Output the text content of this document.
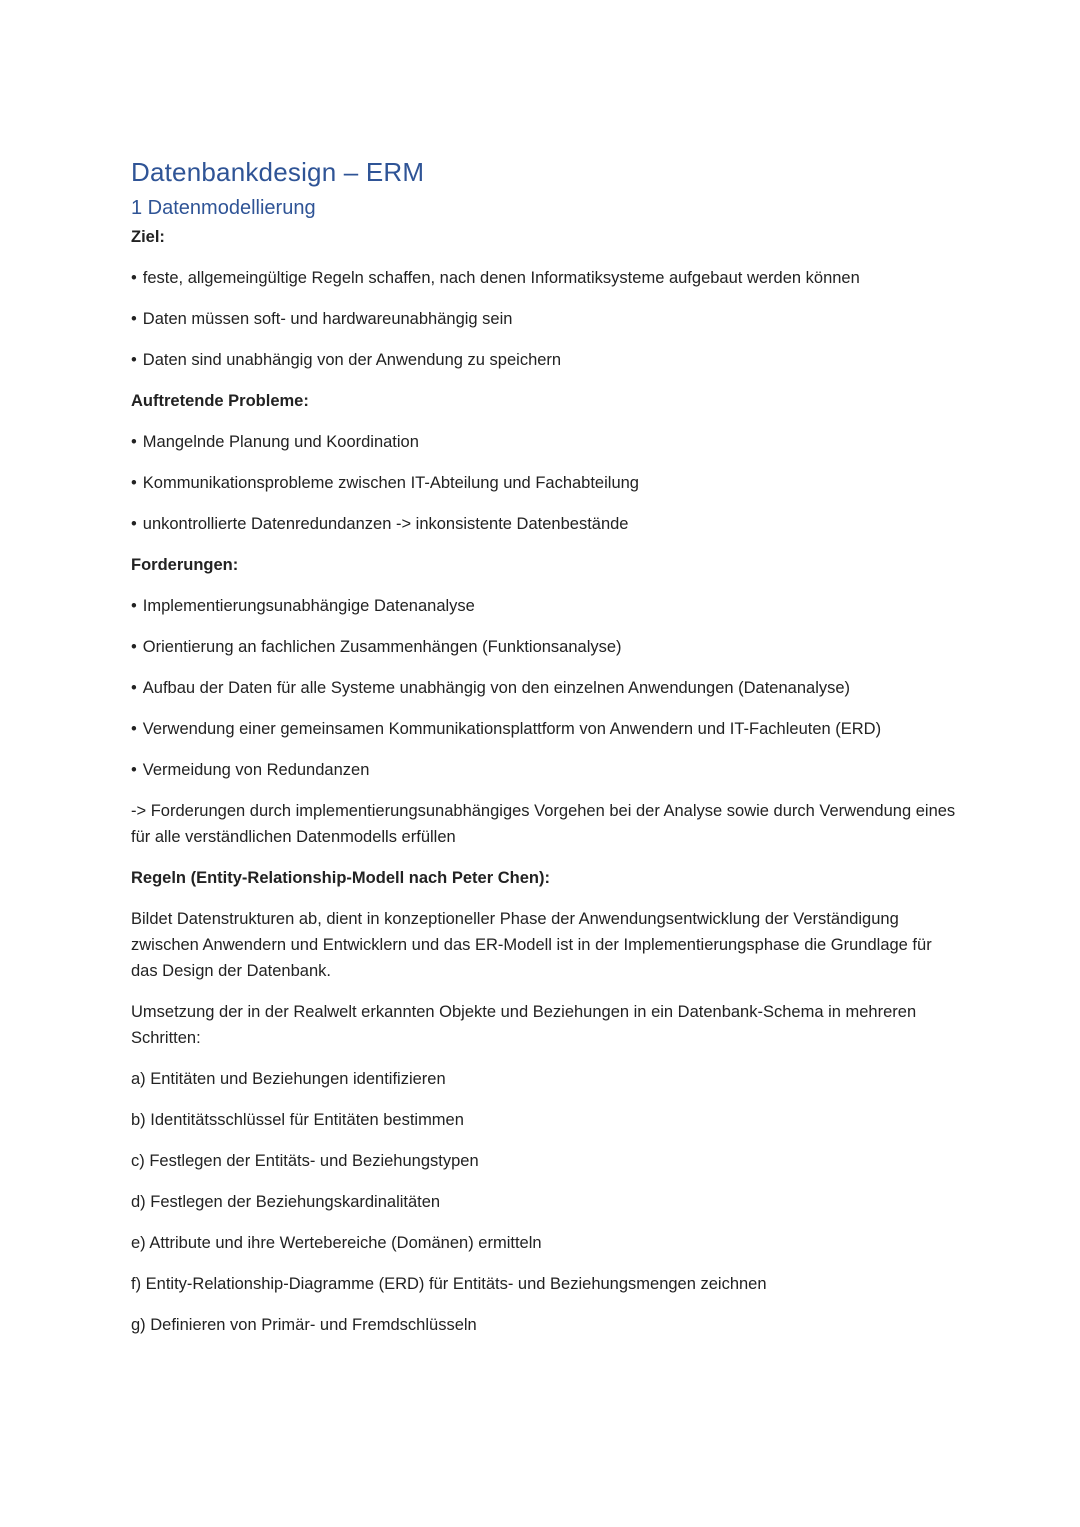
Datenbankdesign – ERM
1 Datenmodellierung

Ziel:

• feste, allgemeingültige Regeln schaffen, nach denen Informatiksysteme aufgebaut werden können

• Daten müssen soft- und hardwareunabhängig sein

• Daten sind unabhängig von der Anwendung zu speichern

Auftretende Probleme:

• Mangelnde Planung und Koordination

• Kommunikationsprobleme zwischen IT-Abteilung und Fachabteilung

• unkontrollierte Datenredundanzen -> inkonsistente Datenbestände

Forderungen:

• Implementierungsunabhängige Datenanalyse

• Orientierung an fachlichen Zusammenhängen (Funktionsanalyse)

• Aufbau der Daten für alle Systeme unabhängig von den einzelnen Anwendungen (Datenanalyse)

• Verwendung einer gemeinsamen Kommunikationsplattform von Anwendern und IT-Fachleuten (ERD)

• Vermeidung von Redundanzen

-> Forderungen durch implementierungsunabhängiges Vorgehen bei der Analyse sowie durch Verwendung eines für alle verständlichen Datenmodells erfüllen

Regeln (Entity-Relationship-Modell nach Peter Chen):

Bildet Datenstrukturen ab, dient in konzeptioneller Phase der Anwendungsentwicklung der Verständigung zwischen Anwendern und Entwicklern und das ER-Modell ist in der Implementierungsphase die Grundlage für das Design der Datenbank.

Umsetzung der in der Realwelt erkannten Objekte und Beziehungen in ein Datenbank-Schema in mehreren Schritten:

a) Entitäten und Beziehungen identifizieren

b) Identitätsschlüssel für Entitäten bestimmen

c) Festlegen der Entitäts- und Beziehungstypen

d) Festlegen der Beziehungskardinalitäten

e) Attribute und ihre Wertebereiche (Domänen) ermitteln

f) Entity-Relationship-Diagramme (ERD) für Entitäts- und Beziehungsmengen zeichnen

g) Definieren von Primär- und Fremdschlüsseln
